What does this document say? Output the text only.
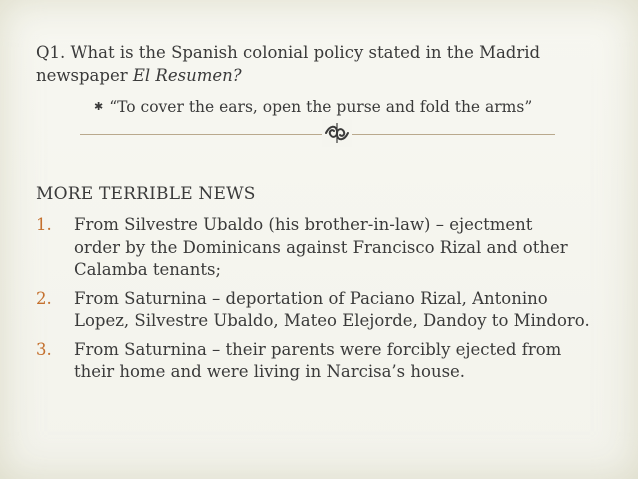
Q1. What is the Spanish colonial policy stated in the Madrid
newspaper El Resumen?
✱ “To cover the ears, open the purse and fold the arms”
MORE TERRIBLE NEWS
1. From Silvestre Ubaldo (his brother-in-law) – ejectment
order by the Dominicans against Francisco Rizal and other
Calamba tenants;
2. From Saturnina – deportation of Paciano Rizal, Antonino
Lopez, Silvestre Ubaldo, Mateo Elejorde, Dandoy to Mindoro.
3. From Saturnina – their parents were forcibly ejected from
their home and were living in Narcisa’s house.
